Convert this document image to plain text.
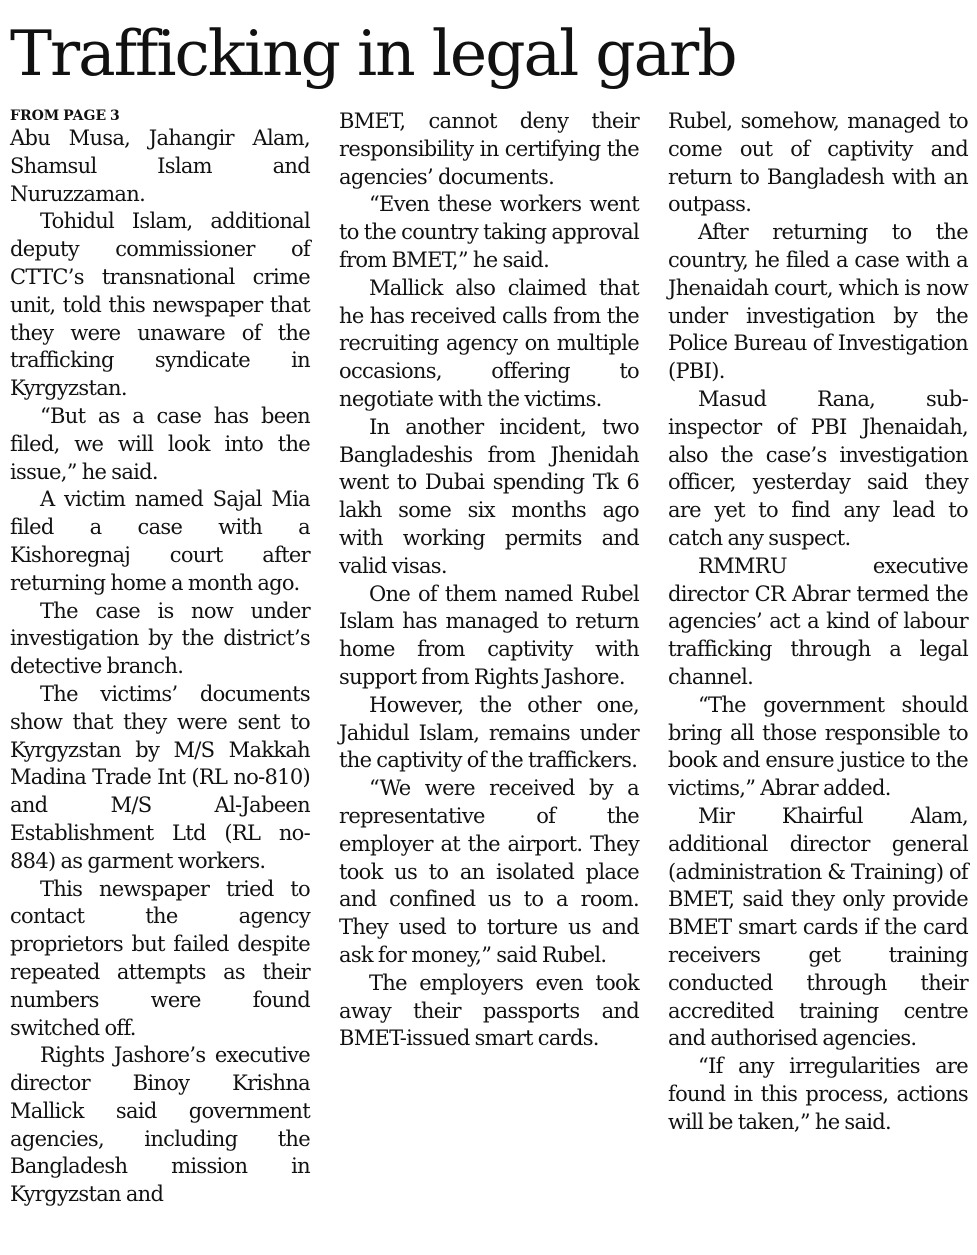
Trafficking in legal garb
FROM PAGE 3

Abu Musa, Jahangir Alam, Shamsul Islam and Nuruzzaman.

Tohidul Islam, additional deputy commissioner of CTTC’s transnational crime unit, told this newspaper that they were unaware of the trafficking syndicate in Kyrgyzstan.

“But as a case has been filed, we will look into the issue,” he said.

A victim named Sajal Mia filed a case with a Kishoregnaj court after returning home a month ago.

The case is now under investigation by the district’s detective branch.

The victims’ documents show that they were sent to Kyrgyzstan by M/S Makkah Madina Trade Int (RL no-810) and M/S Al-Jabeen Establishment Ltd (RL no-884) as garment workers.

This newspaper tried to contact the agency proprietors but failed despite repeated attempts as their numbers were found switched off.

Rights Jashore’s executive director Binoy Krishna Mallick said government agencies, including the Bangladesh mission in Kyrgyzstan and

BMET, cannot deny their responsibility in certifying the agencies’ documents.

“Even these workers went to the country taking approval from BMET,” he said.

Mallick also claimed that he has received calls from the recruiting agency on multiple occasions, offering to negotiate with the victims.

In another incident, two Bangladeshis from Jhenidah went to Dubai spending Tk 6 lakh some six months ago with working permits and valid visas.

One of them named Rubel Islam has managed to return home from captivity with support from Rights Jashore.

However, the other one, Jahidul Islam, remains under the captivity of the traffickers.

“We were received by a representative of the employer at the airport. They took us to an isolated place and confined us to a room. They used to torture us and ask for money,” said Rubel.

The employers even took away their passports and BMET-issued smart cards.

Rubel, somehow, managed to come out of captivity and return to Bangladesh with an outpass.

After returning to the country, he filed a case with a Jhenaidah court, which is now under investigation by the Police Bureau of Investigation (PBI).

Masud Rana, sub-inspector of PBI Jhenaidah, also the case’s investigation officer, yesterday said they are yet to find any lead to catch any suspect.

RMMRU executive director CR Abrar termed the agencies’ act a kind of labour trafficking through a legal channel.

“The government should bring all those responsible to book and ensure justice to the victims,” Abrar added.

Mir Khairful Alam, additional director general (administration & Training) of BMET, said they only provide BMET smart cards if the card receivers get training conducted through their accredited training centre and authorised agencies.

“If any irregularities are found in this process, actions will be taken,” he said.
